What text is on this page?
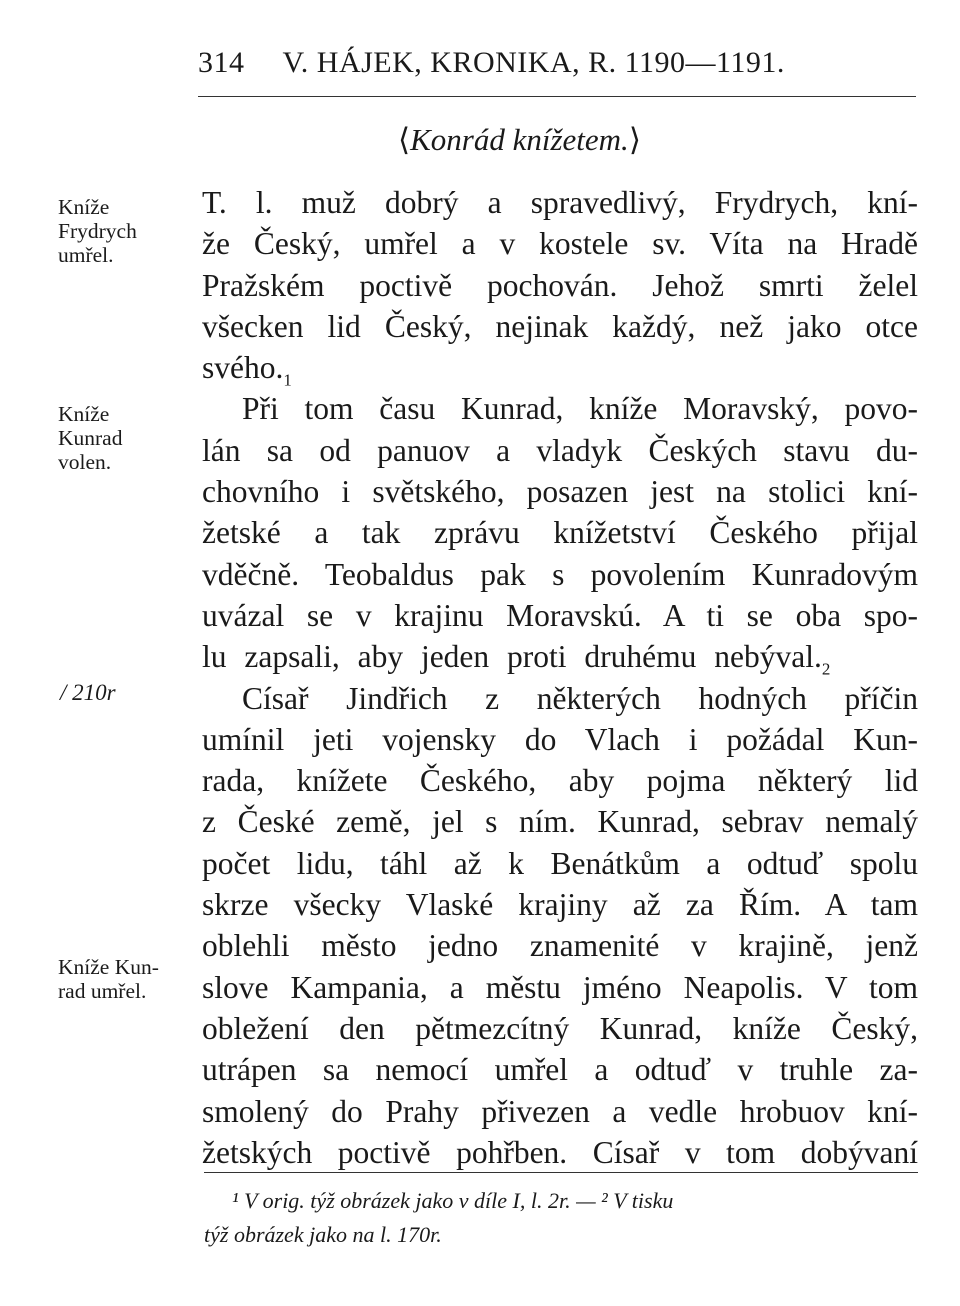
314 V. HÁJEK, KRONIKA, R. 1190—1191.
⟨Konrád knížetem.⟩
Kníže
Frydrych
umřel.
Kníže
Kunrad
volen.
/ 210r
Kníže Kun-
rad umřel.
T. l. muž dobrý a spravedlivý, Frydrych, kní-
že Český, umřel a v kostele sv. Víta na Hradě
Pražském poctivě pochován. Jehož smrti želel
všecken lid Český, nejinak každý, než jako otce
$svého._1$
Při tom času Kunrad, kníže Moravský, povo-
lán sa od panuov a vladyk Českých stavu du-
chovního i světského, posazen jest na stolici kní-
žetské a tak zprávu knížetství Českého přijal
vděčně. Teobaldus pak s povolením Kunradovým
uvázal se v krajinu Moravskú. A ti se oba spo-
lu zapsali, aby jeden proti druhému $nebýval._2$
Císař Jindřich z některých hodných příčin
umínil jeti vojensky do Vlach i požádal Kun-
rada, knížete Českého, aby pojma některý lid
z České země, jel s ním. Kunrad, sebrav nemalý
počet lidu, táhl až k Benátkům a odtuď spolu
skrze všecky Vlaské krajiny až za Řím. A tam
oblehli město jedno znamenité v krajině, jenž
slove Kampania, a městu jméno Neapolis. V tom
obležení den pětmezcítný Kunrad, kníže Český,
utrápen sa nemocí umřel a odtuď v truhle za-
smolený do Prahy přivezen a vedle hrobuov kní-
žetských poctivě pohřben. Císař v tom dobývaní
¹ V orig. týž obrázek jako v díle I, l. 2r. — ² V tisku
týž obrázek jako na l. 170r.
